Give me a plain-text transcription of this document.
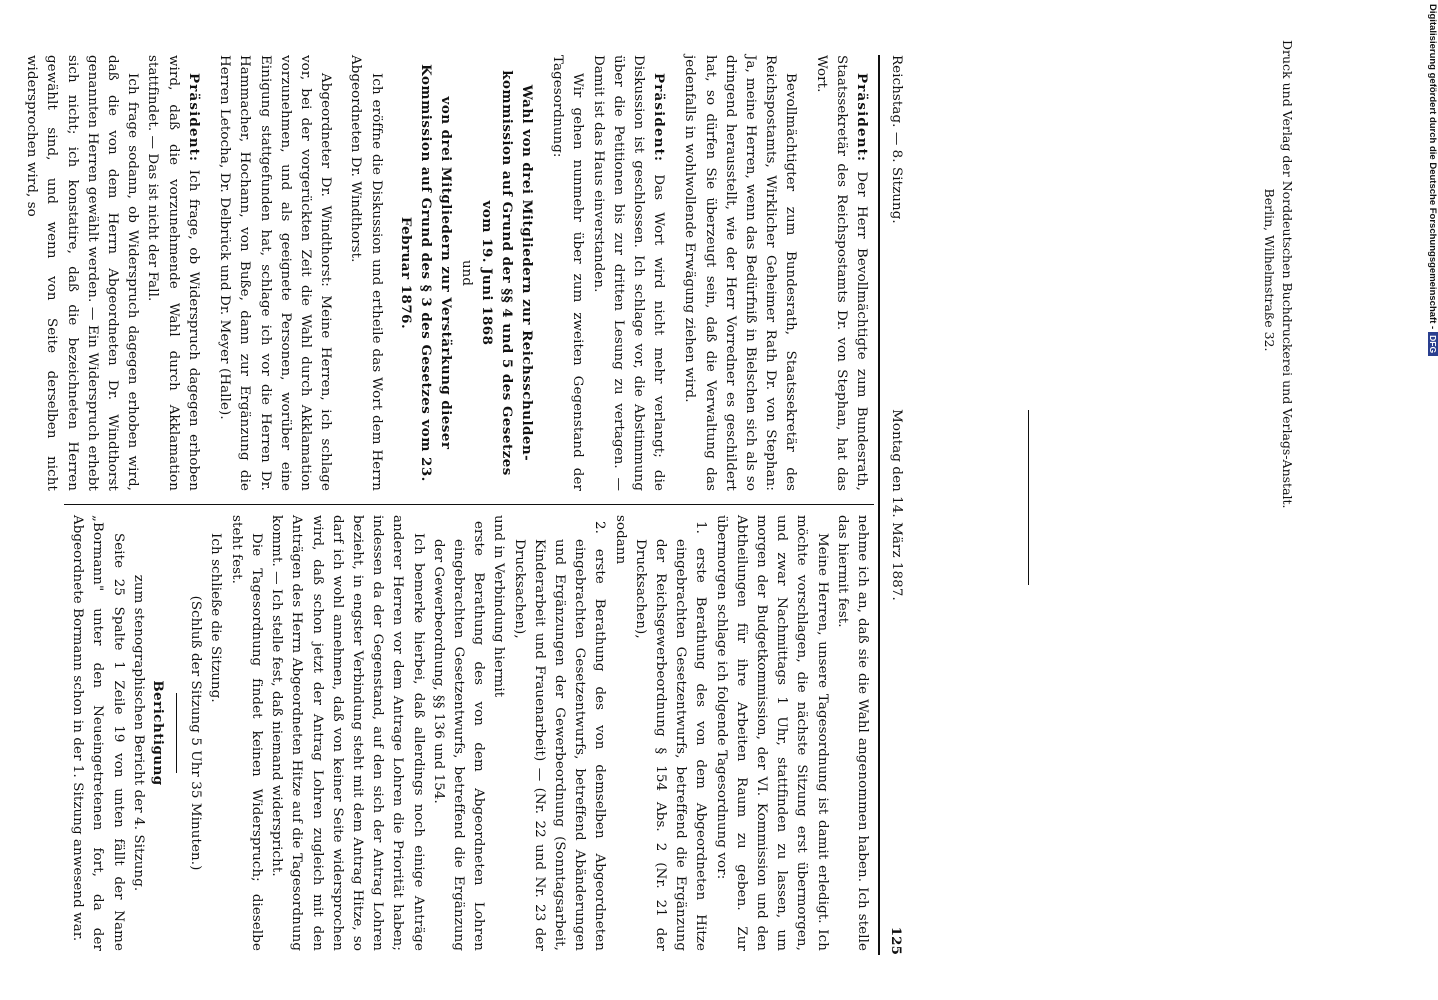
Reichstag. — 8. Sitzung.
Montag den 14. März 1887.
125

Präsident: Der Herr Bevollmächtigte zum Bundesrath, Staatssekretär des Reichspostamts Dr. von Stephan, hat das Wort.

Bevollmächtigter zum Bundesrath, Staatssekretär des Reichspostamts, Wirklicher Geheimer Rath Dr. von Stephan: Ja, meine Herren, wenn das Bedürfniß in Bielschen sich als so dringend herausstellt, wie der Herr Vorredner es geschildert hat, so dürfen Sie überzeugt sein, daß die Verwaltung das jedenfalls in wohlwollende Erwägung ziehen wird.

Präsident: Das Wort wird nicht mehr verlangt; die Diskussion ist geschlossen. Ich schlage vor, die Abstimmung über die Petitionen bis zur dritten Lesung zu vertagen. — Damit ist das Haus einverstanden.

Wir gehen nunmehr über zum zweiten Gegenstand der Tagesordnung:

Wahl von drei Mitgliedern zur Reichsschulden-kommission auf Grund der §§ 4 und 5 des Gesetzes vom 19. Juni 1868

und

von drei Mitgliedern zur Verstärkung dieser Kommission auf Grund des § 3 des Gesetzes vom 23. Februar 1876.

Ich eröffne die Diskussion und ertheile das Wort dem Herrn Abgeordneten Dr. Windthorst.

Abgeordneter Dr. Windthorst: Meine Herren, ich schlage vor, bei der vorgerückten Zeit die Wahl durch Akklamation vorzunehmen, und als geeignete Personen, worüber eine Einigung stattgefunden hat, schlage ich vor die Herren Dr. Hammacher, Hochann, von Buße, dann zur Ergänzung die Herren Letocha, Dr. Delbrück und Dr. Meyer (Halle).

Präsident: Ich frage, ob Widerspruch dagegen erhoben wird, daß die vorzunehmende Wahl durch Akklamation stattfindet. — Das ist nicht der Fall.

Ich frage sodann, ob Widerspruch dagegen erhoben wird, daß die von dem Herrn Abgeordneten Dr. Windthorst genannten Herren gewählt werden. — Ein Widerspruch erhebt sich nicht; ich konstatire, daß die bezeichneten Herren gewählt sind, und wenn von Seite derselben nicht widersprochen wird, so

nehme ich an, daß sie die Wahl angenommen haben. Ich stelle das hiermit fest.

Meine Herren, unsere Tagesordnung ist damit erledigt. Ich möchte vorschlagen, die nächste Sitzung erst übermorgen, und zwar Nachmittags 1 Uhr, stattfinden zu lassen, um morgen der Budgetkommission, der VI. Kommission und den Abtheilungen für ihre Arbeiten Raum zu geben. Zur übermorgen schlage ich folgende Tagesordnung vor:

1. erste Berathung des von dem Abgeordneten Hitze eingebrachten Gesetzentwurfs, betreffend die Ergänzung der Reichsgewerbeordnung § 154 Abs. 2 (Nr. 21 der Drucksachen),

sodann

2. erste Berathung des von demselben Abgeordneten eingebrachten Gesetzentwurfs, betreffend Abänderungen und Ergänzungen der Gewerbeordnung (Sonntagsarbeit, Kinderarbeit und Frauenarbeit) — (Nr. 22 und Nr. 23 der Drucksachen),

und in Verbindung hiermit

erste Berathung des von dem Abgeordneten Lohren eingebrachten Gesetzentwurfs, betreffend die Ergänzung der Gewerbeordnung, §§ 136 und 154.

Ich bemerke hierbei, daß allerdings noch einige Anträge anderer Herren vor dem Antrage Lohren die Priorität haben; indessen da der Gegenstand, auf den sich der Antrag Lohren bezieht, in engster Verbindung steht mit dem Antrag Hitze, so darf ich wohl annehmen, daß von keiner Seite widersprochen wird, daß schon jetzt der Antrag Lohren zugleich mit den Anträgen des Herrn Abgeordneten Hitze auf die Tagesordnung kommt. — Ich stelle fest, daß niemand widerspricht.

Die Tagesordnung findet keinen Widerspruch; dieselbe steht fest.

Ich schließe die Sitzung.

(Schluß der Sitzung 5 Uhr 35 Minuten.)

Berichtigung

zum stenographischen Bericht der 4. Sitzung.

Seite 25 Spalte 1 Zeile 19 von unten fällt der Name „Bormann" unter den Neueingetretenen fort, da der Abgeordnete Bormann schon in der 1. Sitzung anwesend war.

Druck und Verlag der Norddeutschen Buchdruckerei und Verlags-Anstalt.
Berlin, Wilhelmstraße 32.	Digitalisierung gefördert durch die Deutsche Forschungsgemeinschaft -DFG
